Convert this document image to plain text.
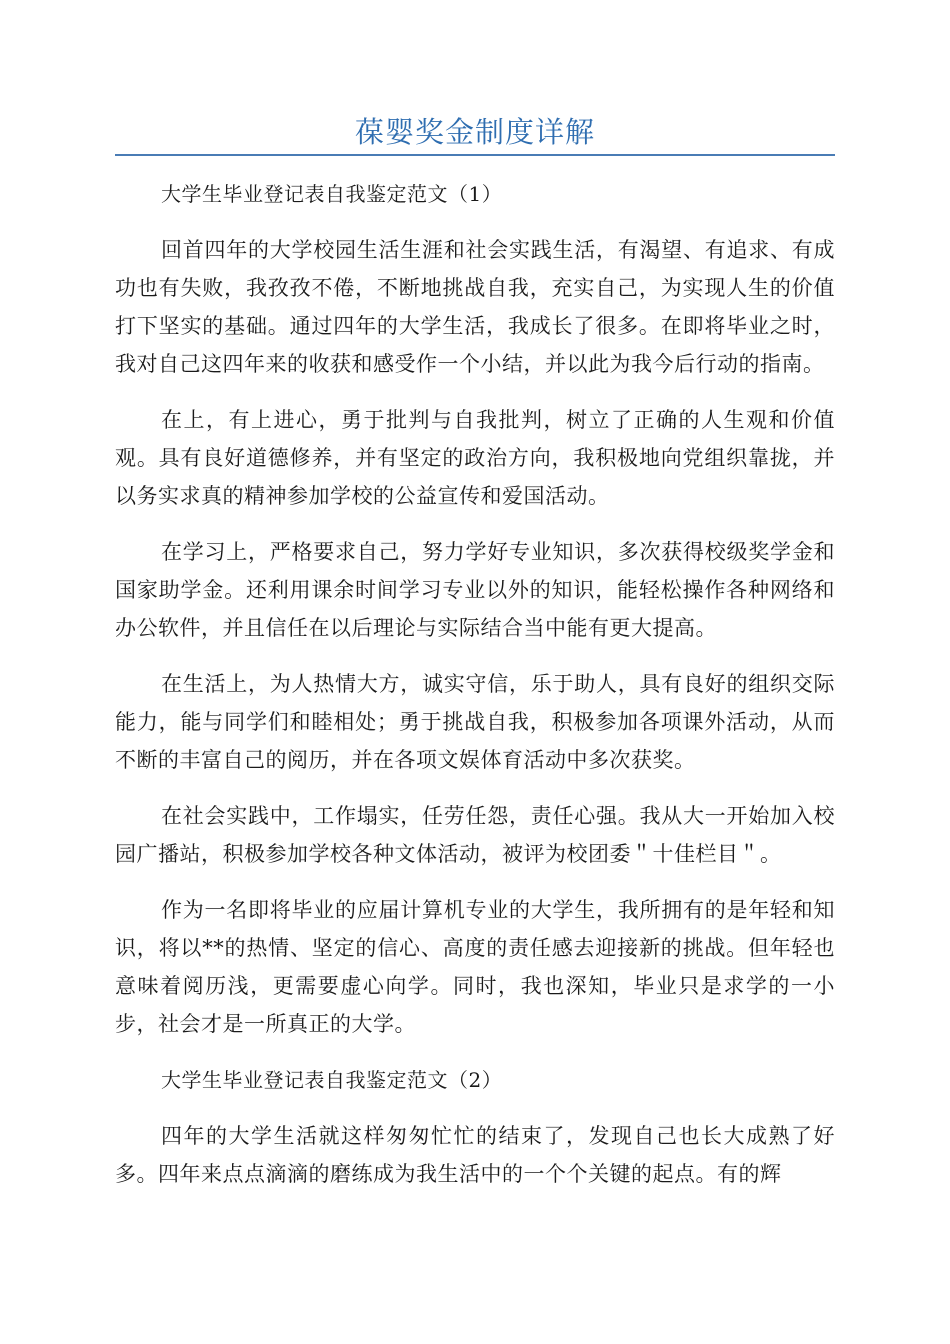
葆婴奖金制度详解

大学生毕业登记表自我鉴定范文（1）

回首四年的大学校园生活生涯和社会实践生活，有渴望、有追求、有成功也有失败，我孜孜不倦，不断地挑战自我，充实自己，为实现人生的价值打下坚实的基础。通过四年的大学生活，我成长了很多。在即将毕业之时，我对自己这四年来的收获和感受作一个小结，并以此为我今后行动的指南。

在上，有上进心，勇于批判与自我批判，树立了正确的人生观和价值观。具有良好道德修养，并有坚定的政治方向，我积极地向党组织靠拢，并以务实求真的精神参加学校的公益宣传和爱国活动。

在学习上，严格要求自己，努力学好专业知识，多次获得校级奖学金和国家助学金。还利用课余时间学习专业以外的知识，能轻松操作各种网络和办公软件，并且信任在以后理论与实际结合当中能有更大提高。

在生活上，为人热情大方，诚实守信，乐于助人，具有良好的组织交际能力，能与同学们和睦相处；勇于挑战自我，积极参加各项课外活动，从而不断的丰富自己的阅历，并在各项文娱体育活动中多次获奖。

在社会实践中，工作塌实，任劳任怨，责任心强。我从大一开始加入校园广播站，积极参加学校各种文体活动，被评为校团委＂十佳栏目＂。

作为一名即将毕业的应届计算机专业的大学生，我所拥有的是年轻和知识，将以**的热情、坚定的信心、高度的责任感去迎接新的挑战。但年轻也意味着阅历浅，更需要虚心向学。同时，我也深知，毕业只是求学的一小步，社会才是一所真正的大学。

大学生毕业登记表自我鉴定范文（2）

四年的大学生活就这样匆匆忙忙的结束了，发现自己也长大成熟了好多。四年来点点滴滴的磨练成为我生活中的一个个关键的起点。有的辉
